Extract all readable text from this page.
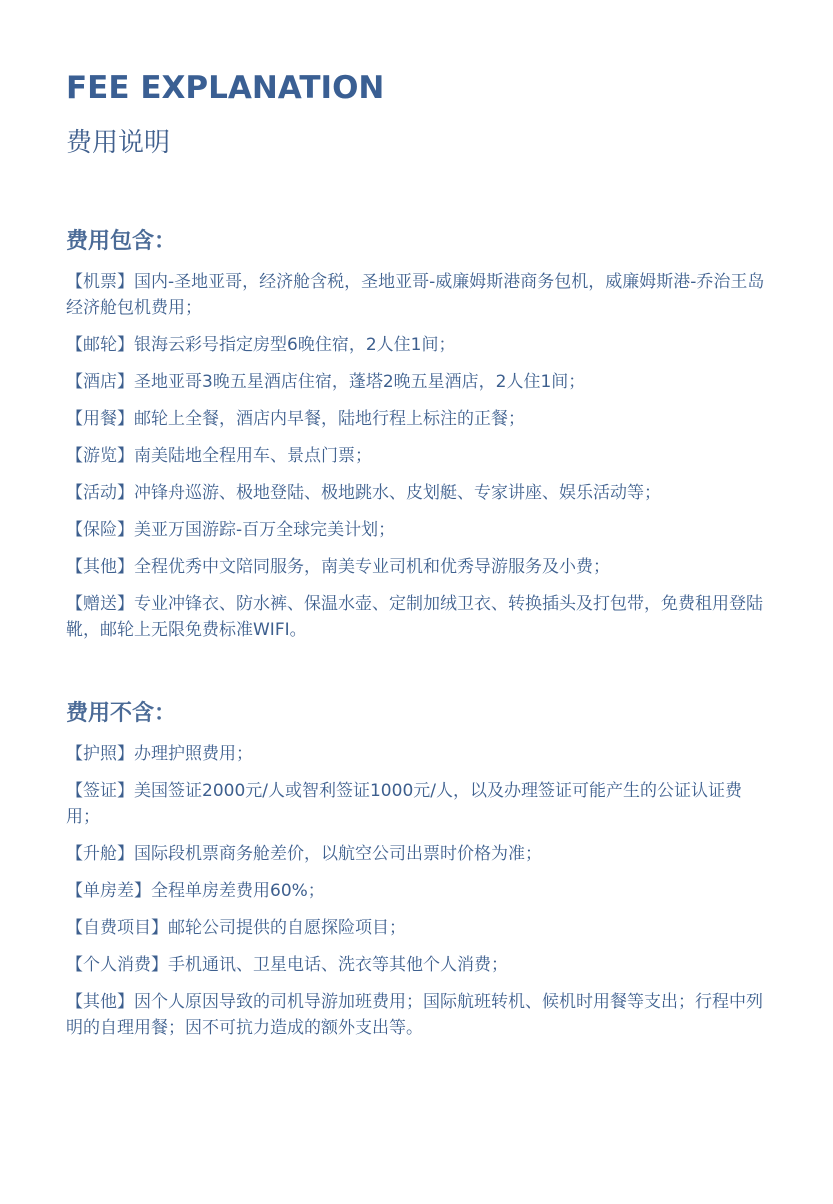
FEE EXPLANATION
费用说明
费用包含：
【机票】国内-圣地亚哥，经济舱含税，圣地亚哥-威廉姆斯港商务包机，威廉姆斯港-乔治王岛经济舱包机费用；
【邮轮】银海云彩号指定房型6晚住宿，2人住1间；
【酒店】圣地亚哥3晚五星酒店住宿，蓬塔2晚五星酒店，2人住1间；
【用餐】邮轮上全餐，酒店内早餐，陆地行程上标注的正餐；
【游览】南美陆地全程用车、景点门票；
【活动】冲锋舟巡游、极地登陆、极地跳水、皮划艇、专家讲座、娱乐活动等；
【保险】美亚万国游踪-百万全球完美计划；
【其他】全程优秀中文陪同服务，南美专业司机和优秀导游服务及小费；
【赠送】专业冲锋衣、防水裤、保温水壶、定制加绒卫衣、转换插头及打包带，免费租用登陆靴，邮轮上无限免费标准WIFI。
费用不含：
【护照】办理护照费用；
【签证】美国签证2000元/人或智利签证1000元/人，以及办理签证可能产生的公证认证费用；
【升舱】国际段机票商务舱差价，以航空公司出票时价格为准；
【单房差】全程单房差费用60%；
【自费项目】邮轮公司提供的自愿探险项目；
【个人消费】手机通讯、卫星电话、洗衣等其他个人消费；
【其他】因个人原因导致的司机导游加班费用；国际航班转机、候机时用餐等支出；行程中列明的自理用餐；因不可抗力造成的额外支出等。
